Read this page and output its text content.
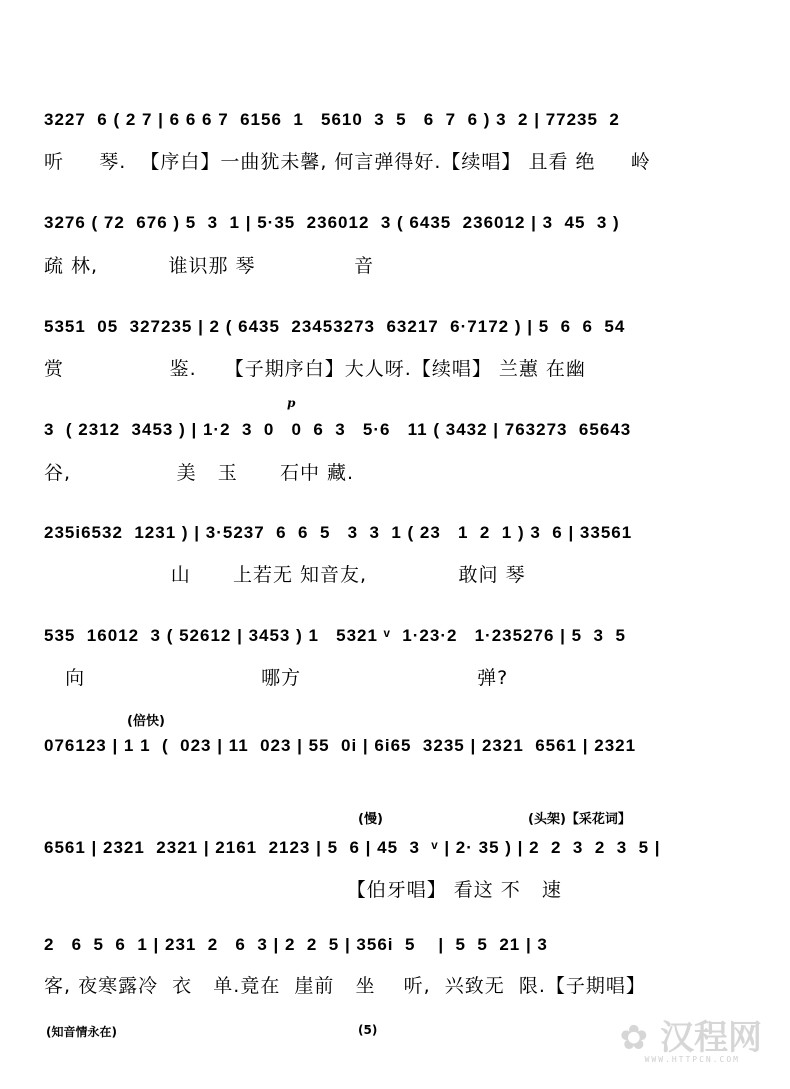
3227  6 ( 2 7 | 6 6 6 7  6156  1   5610  3  5   6  7  6 ) 3  2 | 77235  2
听     琴.  【序白】一曲犹未馨, 何言弹得好.【续唱】 且看 绝     岭
3276 ( 72  676 ) 5  3  1 | 5·35  236012  3 ( 6435  236012 | 3  45  3 )
疏 林,          谁识那 琴              音
5351  05  327235 | 2 ( 6435  23453273  63217  6·7172 ) | 5  6  6  54
赏               鉴.    【子期序白】大人呀.【续唱】 兰蕙 在幽
p
3  ( 2312  3453 ) | 1·2  3  0   0  6  3   5·6   11 ( 3432 | 763273  65643
谷,               美   玉      石中 藏.
235i6532  1231 ) | 3·5237  6  6  5   3  3  1 ( 23   1  2  1 ) 3  6 | 33561
山      上若无 知音友,             敢问 琴
535  16012  3 ( 52612 | 3453 ) 1   5321 ᵛ  1·23·2   1·235276 | 5  3  5
向                         哪方                         弹?
(倍快)
076123 | 1 1  (  023 | 11  023 | 55  0i | 6i65  3235 | 2321  6561 | 2321
(慢)	(头架)【采花词】
6561 | 2321  2321 | 2161  2123 | 5  6 | 45  3  ᵛ | 2· 35 ) | 2  2  3  2  3  5 |
【伯牙唱】 看这 不   速
2   6  5  6  1 | 231  2   6  3 | 2  2  5 | 356i  5    |  5  5  21 | 3
客, 夜寒露冷  衣   单.竟在  崖前   坐    听,  兴致无  限.【子期唱】
(知音情永在)	(5)	✿ 汉程网
WWW.HTTPCN.COM
